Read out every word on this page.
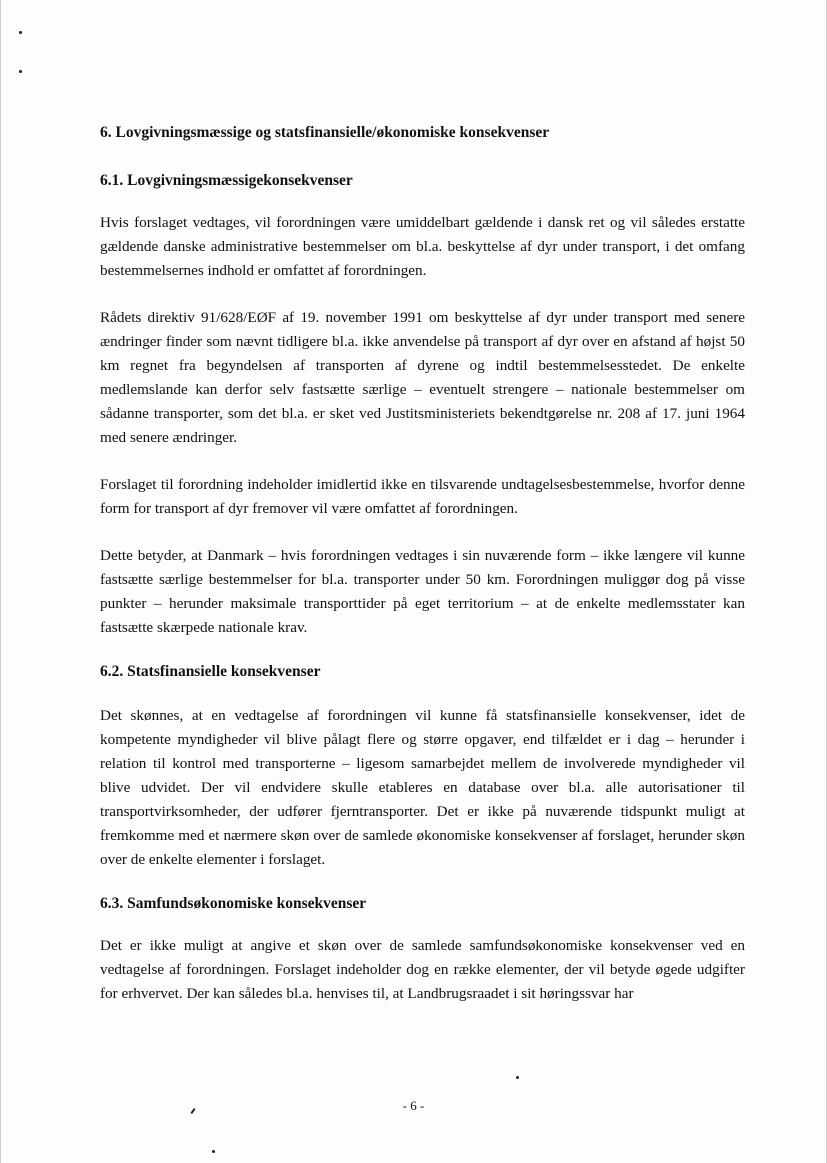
6. Lovgivningsmæssige og statsfinansielle/økonomiske konsekvenser
6.1. Lovgivningsmæssigekonsekvenser

Hvis forslaget vedtages, vil forordningen være umiddelbart gældende i dansk ret og vil således erstatte gældende danske administrative bestemmelser om bl.a. beskyttelse af dyr under transport, i det omfang bestemmelsernes indhold er omfattet af forordningen.

Rådets direktiv 91/628/EØF af 19. november 1991 om beskyttelse af dyr under transport med senere ændringer finder som nævnt tidligere bl.a. ikke anvendelse på transport af dyr over en afstand af højst 50 km regnet fra begyndelsen af transporten af dyrene og indtil bestemmelsesstedet. De enkelte medlemslande kan derfor selv fastsætte særlige – eventuelt strengere – nationale bestemmelser om sådanne transporter, som det bl.a. er sket ved Justitsministeriets bekendtgørelse nr. 208 af 17. juni 1964 med senere ændringer.

Forslaget til forordning indeholder imidlertid ikke en tilsvarende undtagelsesbestemmelse, hvorfor denne form for transport af dyr fremover vil være omfattet af forordningen.

Dette betyder, at Danmark – hvis forordningen vedtages i sin nuværende form – ikke længere vil kunne fastsætte særlige bestemmelser for bl.a. transporter under 50 km. Forordningen muliggør dog på visse punkter – herunder maksimale transporttider på eget territorium – at de enkelte medlemsstater kan fastsætte skærpede nationale krav.

6.2. Statsfinansielle konsekvenser

Det skønnes, at en vedtagelse af forordningen vil kunne få statsfinansielle konsekvenser, idet de kompetente myndigheder vil blive pålagt flere og større opgaver, end tilfældet er i dag – herunder i relation til kontrol med transporterne – ligesom samarbejdet mellem de involverede myndigheder vil blive udvidet. Der vil endvidere skulle etableres en database over bl.a. alle autorisationer til transportvirksomheder, der udfører fjerntransporter. Det er ikke på nuværende tidspunkt muligt at fremkomme med et nærmere skøn over de samlede økonomiske konsekvenser af forslaget, herunder skøn over de enkelte elementer i forslaget.

6.3. Samfundsøkonomiske konsekvenser

Det er ikke muligt at angive et skøn over de samlede samfundsøkonomiske konsekvenser ved en vedtagelse af forordningen. Forslaget indeholder dog en række elementer, der vil betyde øgede udgifter for erhvervet. Der kan således bl.a. henvises til, at Landbrugsraadet i sit høringssvar har

- 6 -
